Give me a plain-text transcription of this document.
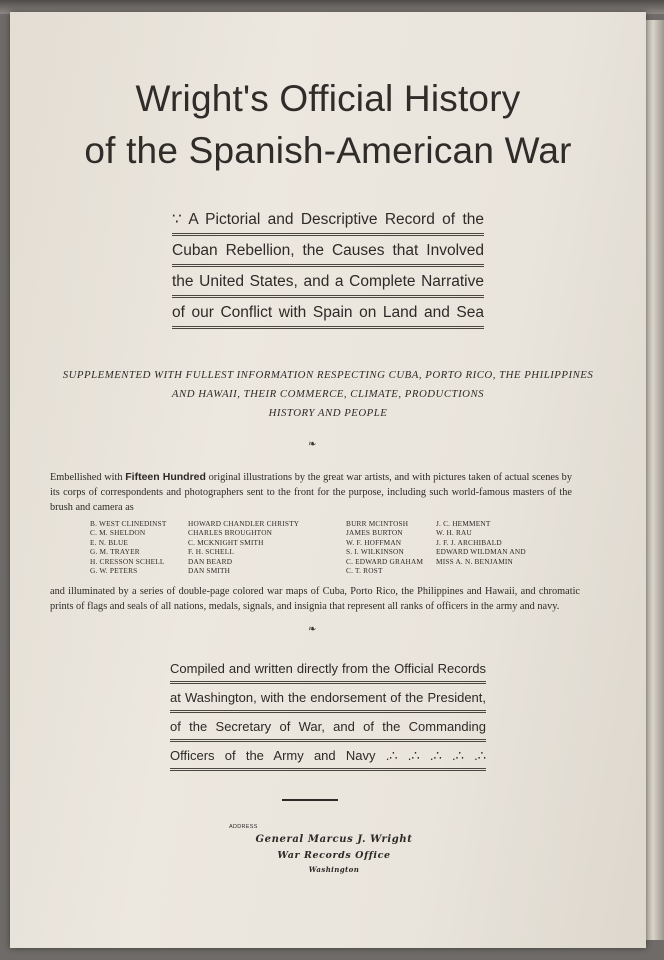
Wright's Official History
of the Spanish-American War
∵ A Pictorial and Descriptive Record of the
Cuban Rebellion, the Causes that Involved
the United States, and a Complete Narrative
of our Conflict with Spain on Land and Sea
SUPPLEMENTED WITH FULLEST INFORMATION RESPECTING CUBA, PORTO RICO, THE PHILIPPINES
AND HAWAII, THEIR COMMERCE, CLIMATE, PRODUCTIONS
HISTORY AND PEOPLE
❧
Embellished with Fifteen Hundred original illustrations by the great war artists, and with pictures taken of actual scenes by its corps of correspondents and photographers sent to the front for the purpose, including such world-famous masters of the brush and camera as
B. WEST CLINEDINST
C. M. SHELDON
E. N. BLUE
G. M. TRAYER
H. CRESSON SCHELL
G. W. PETERS
HOWARD CHANDLER CHRISTY
CHARLES BROUGHTON
C. MCKNIGHT SMITH
F. H. SCHELL
DAN BEARD
DAN SMITH
BURR MCINTOSH
JAMES BURTON
W. F. HOFFMAN
S. I. WILKINSON
C. EDWARD GRAHAM
C. T. ROST
J. C. HEMMENT
W. H. RAU
J. F. J. ARCHIBALD
EDWARD WILDMAN AND
MISS A. N. BENJAMIN
and illuminated by a series of double-page colored war maps of Cuba, Porto Rico, the Philippines and Hawaii, and chromatic prints of flags and seals of all nations, medals, signals, and insignia that represent all ranks of officers in the army and navy.
❧
Compiled and written directly from the Official Records
at Washington, with the endorsement of the President,
of the Secretary of War, and of the Commanding
Officers of the Army and Navy .∴ .∴ .∴ .∴ .∴
ADDRESS
General Marcus J. Wright
War Records Office
Washington
